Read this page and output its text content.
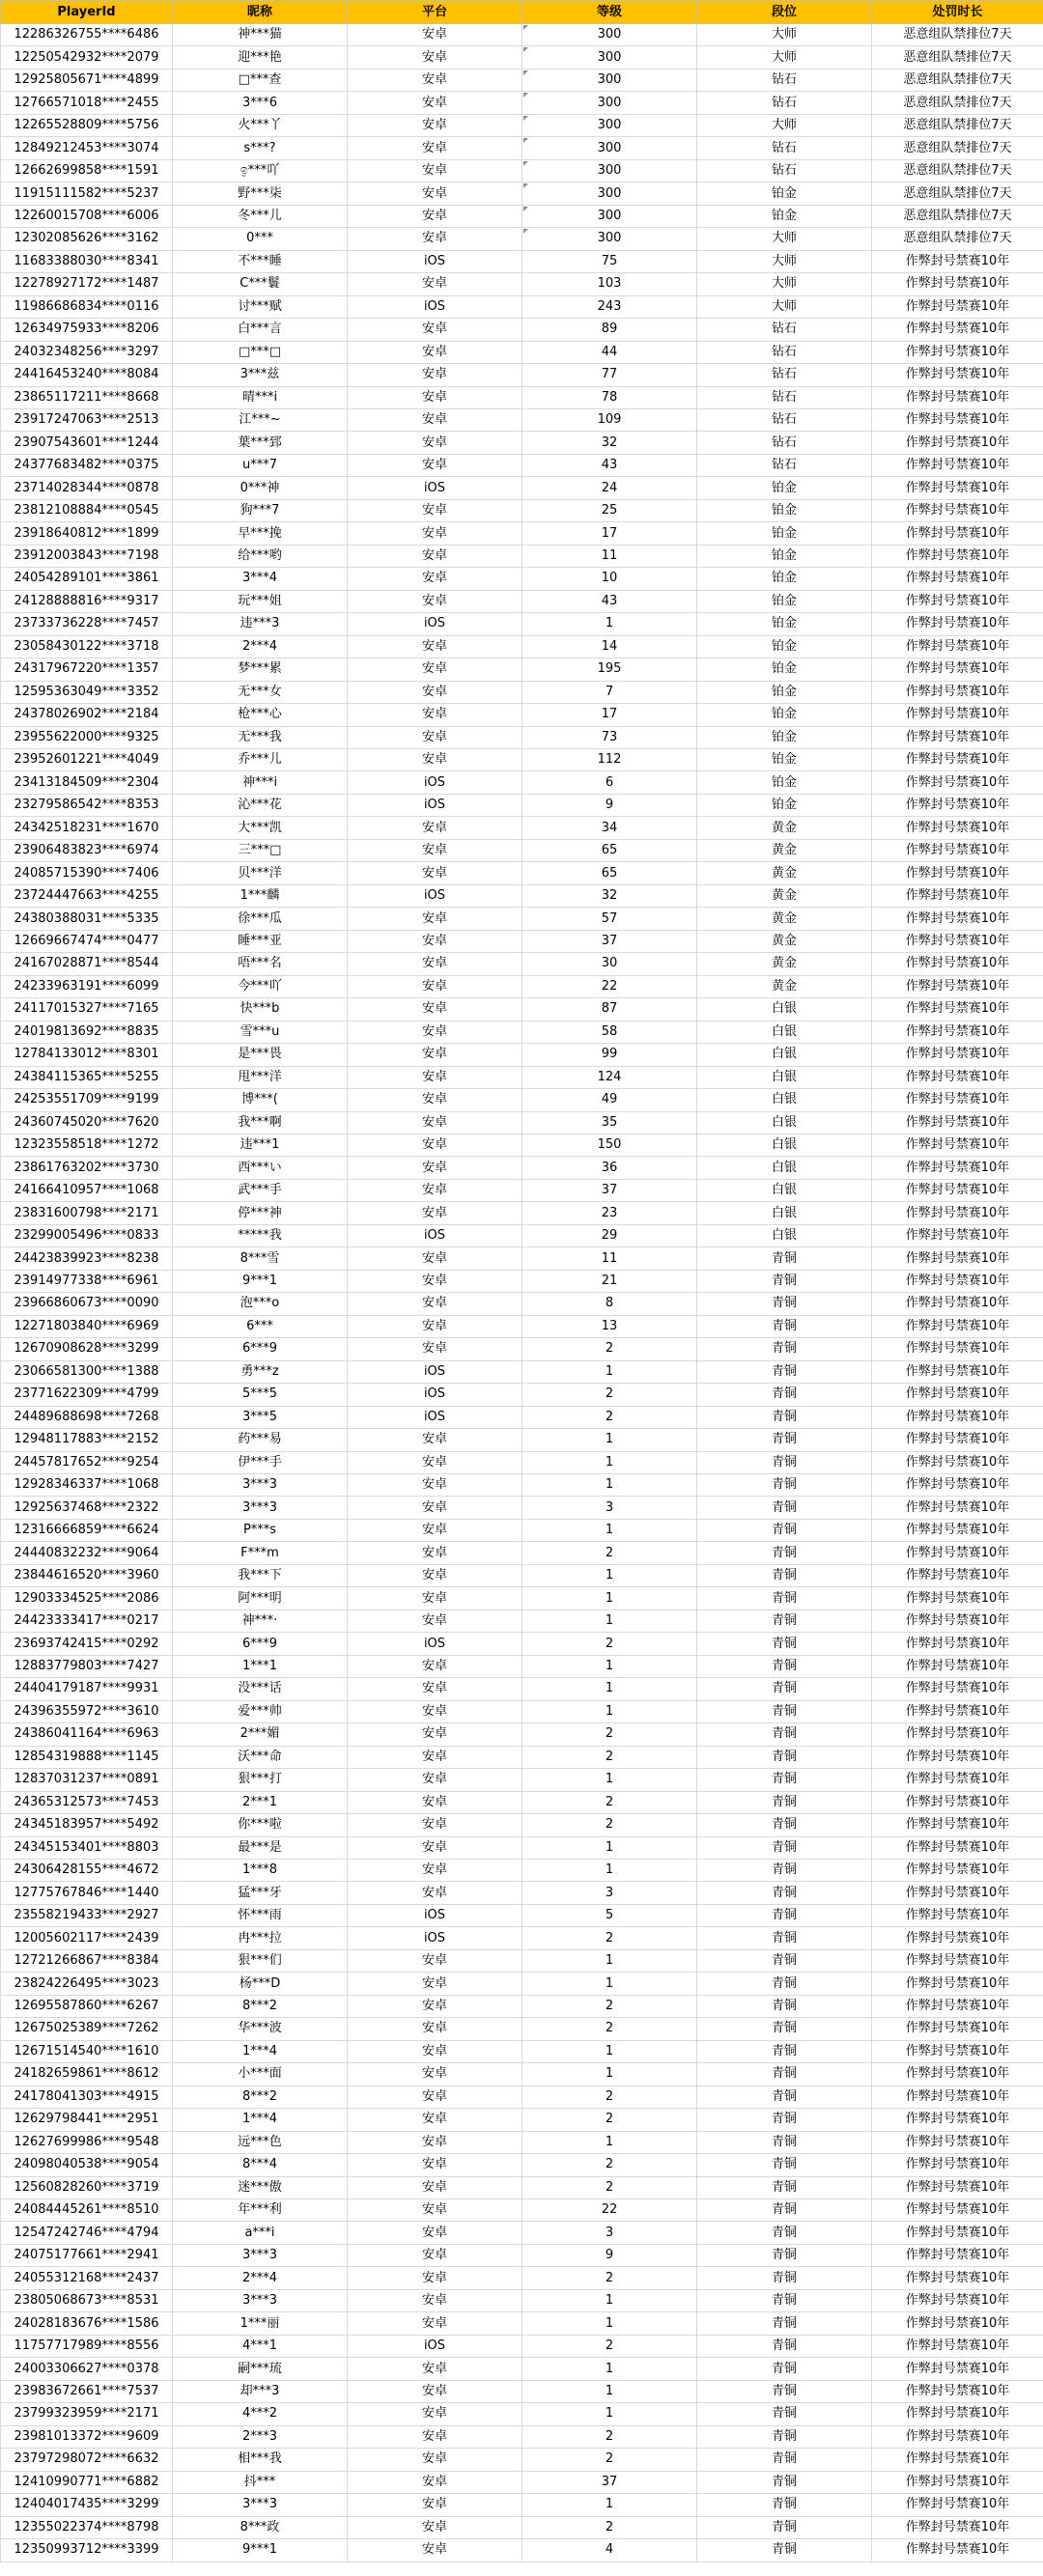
PlayerId	昵称	平台	等级	段位	处罚时长
12286326755****6486	神***猫	安卓	300	大师	恶意组队禁排位7天
12250542932****2079	迎***艳	安卓	300	大师	恶意组队禁排位7天
12925805671****4899	□***查	安卓	300	钻石	恶意组队禁排位7天
12766571018****2455	3***6	安卓	300	钻石	恶意组队禁排位7天
12265528809****5756	火***丫	安卓	300	大师	恶意组队禁排位7天
12849212453****3074	s***?	安卓	300	钻石	恶意组队禁排位7天
12662699858****1591	ඉ***吖	安卓	300	钻石	恶意组队禁排位7天
11915111582****5237	野***柒	安卓	300	铂金	恶意组队禁排位7天
12260015708****6006	冬***儿	安卓	300	铂金	恶意组队禁排位7天
12302085626****3162	0***	安卓	300	大师	恶意组队禁排位7天
11683388030****8341	不***睡	iOS	75	大师	作弊封号禁赛10年
12278927172****1487	C***鬟	安卓	103	大师	作弊封号禁赛10年
11986686834****0116	讨***赋	iOS	243	大师	作弊封号禁赛10年
12634975933****8206	白***言	安卓	89	钻石	作弊封号禁赛10年
24032348256****3297	□***□	安卓	44	钻石	作弊封号禁赛10年
24416453240****8084	3***兹	安卓	77	钻石	作弊封号禁赛10年
23865117211****8668	晴***i	安卓	78	钻石	作弊封号禁赛10年
23917247063****2513	江***~	安卓	109	钻石	作弊封号禁赛10年
23907543601****1244	葉***郅	安卓	32	钻石	作弊封号禁赛10年
24377683482****0375	u***7	安卓	43	钻石	作弊封号禁赛10年
23714028344****0878	0***神	iOS	24	铂金	作弊封号禁赛10年
23812108884****0545	狗***7	安卓	25	铂金	作弊封号禁赛10年
23918640812****1899	早***挽	安卓	17	铂金	作弊封号禁赛10年
23912003843****7198	给***哟	安卓	11	铂金	作弊封号禁赛10年
24054289101****3861	3***4	安卓	10	铂金	作弊封号禁赛10年
24128888816****9317	玩***姐	安卓	43	铂金	作弊封号禁赛10年
23733736228****7457	违***3	iOS	1	铂金	作弊封号禁赛10年
23058430122****3718	2***4	安卓	14	铂金	作弊封号禁赛10年
24317967220****1357	梦***累	安卓	195	铂金	作弊封号禁赛10年
12595363049****3352	无***女	安卓	7	铂金	作弊封号禁赛10年
24378026902****2184	枪***心	安卓	17	铂金	作弊封号禁赛10年
23955622000****9325	无***我	安卓	73	铂金	作弊封号禁赛10年
23952601221****4049	乔***儿	安卓	112	铂金	作弊封号禁赛10年
23413184509****2304	神***i	iOS	6	铂金	作弊封号禁赛10年
23279586542****8353	沁***花	iOS	9	铂金	作弊封号禁赛10年
24342518231****1670	大***凯	安卓	34	黄金	作弊封号禁赛10年
23906483823****6974	三***□	安卓	65	黄金	作弊封号禁赛10年
24085715390****7406	贝***洋	安卓	65	黄金	作弊封号禁赛10年
23724447663****4255	1***麟	iOS	32	黄金	作弊封号禁赛10年
24380388031****5335	徐***瓜	安卓	57	黄金	作弊封号禁赛10年
12669667474****0477	睡***亚	安卓	37	黄金	作弊封号禁赛10年
24167028871****8544	唔***名	安卓	30	黄金	作弊封号禁赛10年
24233963191****6099	今***吖	安卓	22	黄金	作弊封号禁赛10年
24117015327****7165	快***b	安卓	87	白银	作弊封号禁赛10年
24019813692****8835	雪***u	安卓	58	白银	作弊封号禁赛10年
12784133012****8301	是***畏	安卓	99	白银	作弊封号禁赛10年
24384115365****5255	甩***洋	安卓	124	白银	作弊封号禁赛10年
24253551709****9199	博***(	安卓	49	白银	作弊封号禁赛10年
24360745020****7620	我***啊	安卓	35	白银	作弊封号禁赛10年
12323558518****1272	违***1	安卓	150	白银	作弊封号禁赛10年
23861763202****3730	西***い	安卓	36	白银	作弊封号禁赛10年
24166410957****1068	武***手	安卓	37	白银	作弊封号禁赛10年
23831600798****2171	停***神	安卓	23	白银	作弊封号禁赛10年
23299005496****0833	*****我	iOS	29	白银	作弊封号禁赛10年
24423839923****8238	8***雪	安卓	11	青铜	作弊封号禁赛10年
23914977338****6961	9***1	安卓	21	青铜	作弊封号禁赛10年
23966860673****0090	泡***o	安卓	8	青铜	作弊封号禁赛10年
12271803840****6969	6***	安卓	13	青铜	作弊封号禁赛10年
12670908628****3299	6***9	安卓	2	青铜	作弊封号禁赛10年
23066581300****1388	勇***z	iOS	1	青铜	作弊封号禁赛10年
23771622309****4799	5***5	iOS	2	青铜	作弊封号禁赛10年
24489688698****7268	3***5	iOS	2	青铜	作弊封号禁赛10年
12948117883****2152	药***易	安卓	1	青铜	作弊封号禁赛10年
24457817652****9254	伊***手	安卓	1	青铜	作弊封号禁赛10年
12928346337****1068	3***3	安卓	1	青铜	作弊封号禁赛10年
12925637468****2322	3***3	安卓	3	青铜	作弊封号禁赛10年
12316666859****6624	P***s	安卓	1	青铜	作弊封号禁赛10年
24440832232****9064	F***m	安卓	2	青铜	作弊封号禁赛10年
23844616520****3960	我***下	安卓	1	青铜	作弊封号禁赛10年
12903334525****2086	阿***明	安卓	1	青铜	作弊封号禁赛10年
24423333417****0217	神***·	安卓	1	青铜	作弊封号禁赛10年
23693742415****0292	6***9	iOS	2	青铜	作弊封号禁赛10年
12883779803****7427	1***1	安卓	1	青铜	作弊封号禁赛10年
24404179187****9931	没***话	安卓	1	青铜	作弊封号禁赛10年
24396355972****3610	爱***帅	安卓	1	青铜	作弊封号禁赛10年
24386041164****6963	2***媚	安卓	2	青铜	作弊封号禁赛10年
12854319888****1145	沃***命	安卓	2	青铜	作弊封号禁赛10年
12837031237****0891	狠***打	安卓	1	青铜	作弊封号禁赛10年
24365312573****7453	2***1	安卓	2	青铜	作弊封号禁赛10年
24345183957****5492	你***啦	安卓	2	青铜	作弊封号禁赛10年
24345153401****8803	最***是	安卓	1	青铜	作弊封号禁赛10年
24306428155****4672	1***8	安卓	1	青铜	作弊封号禁赛10年
12775767846****1440	猛***牙	安卓	3	青铜	作弊封号禁赛10年
23558219433****2927	怀***雨	iOS	5	青铜	作弊封号禁赛10年
12005602117****2439	冉***拉	iOS	2	青铜	作弊封号禁赛10年
12721266867****8384	狠***们	安卓	1	青铜	作弊封号禁赛10年
23824226495****3023	杨***D	安卓	1	青铜	作弊封号禁赛10年
12695587860****6267	8***2	安卓	2	青铜	作弊封号禁赛10年
12675025389****7262	华***波	安卓	2	青铜	作弊封号禁赛10年
12671514540****1610	1***4	安卓	1	青铜	作弊封号禁赛10年
24182659861****8612	小***面	安卓	1	青铜	作弊封号禁赛10年
24178041303****4915	8***2	安卓	2	青铜	作弊封号禁赛10年
12629798441****2951	1***4	安卓	2	青铜	作弊封号禁赛10年
12627699986****9548	远***色	安卓	1	青铜	作弊封号禁赛10年
24098040538****9054	8***4	安卓	2	青铜	作弊封号禁赛10年
12560828260****3719	迷***傲	安卓	2	青铜	作弊封号禁赛10年
24084445261****8510	年***利	安卓	22	青铜	作弊封号禁赛10年
12547242746****4794	a***i	安卓	3	青铜	作弊封号禁赛10年
24075177661****2941	3***3	安卓	9	青铜	作弊封号禁赛10年
24055312168****2437	2***4	安卓	2	青铜	作弊封号禁赛10年
23805068673****8531	3***3	安卓	1	青铜	作弊封号禁赛10年
24028183676****1586	1***丽	安卓	1	青铜	作弊封号禁赛10年
11757717989****8556	4***1	iOS	2	青铜	作弊封号禁赛10年
24003306627****0378	嗣***琉	安卓	1	青铜	作弊封号禁赛10年
23983672661****7537	却***3	安卓	1	青铜	作弊封号禁赛10年
23799323959****2171	4***2	安卓	1	青铜	作弊封号禁赛10年
23981013372****9609	2***3	安卓	2	青铜	作弊封号禁赛10年
23797298072****6632	相***我	安卓	2	青铜	作弊封号禁赛10年
12410990771****6882	抖***	安卓	37	青铜	作弊封号禁赛10年
12404017435****3299	3***3	安卓	1	青铜	作弊封号禁赛10年
12355022374****8798	8***政	安卓	2	青铜	作弊封号禁赛10年
12350993712****3399	9***1	安卓	4	青铜	作弊封号禁赛10年
